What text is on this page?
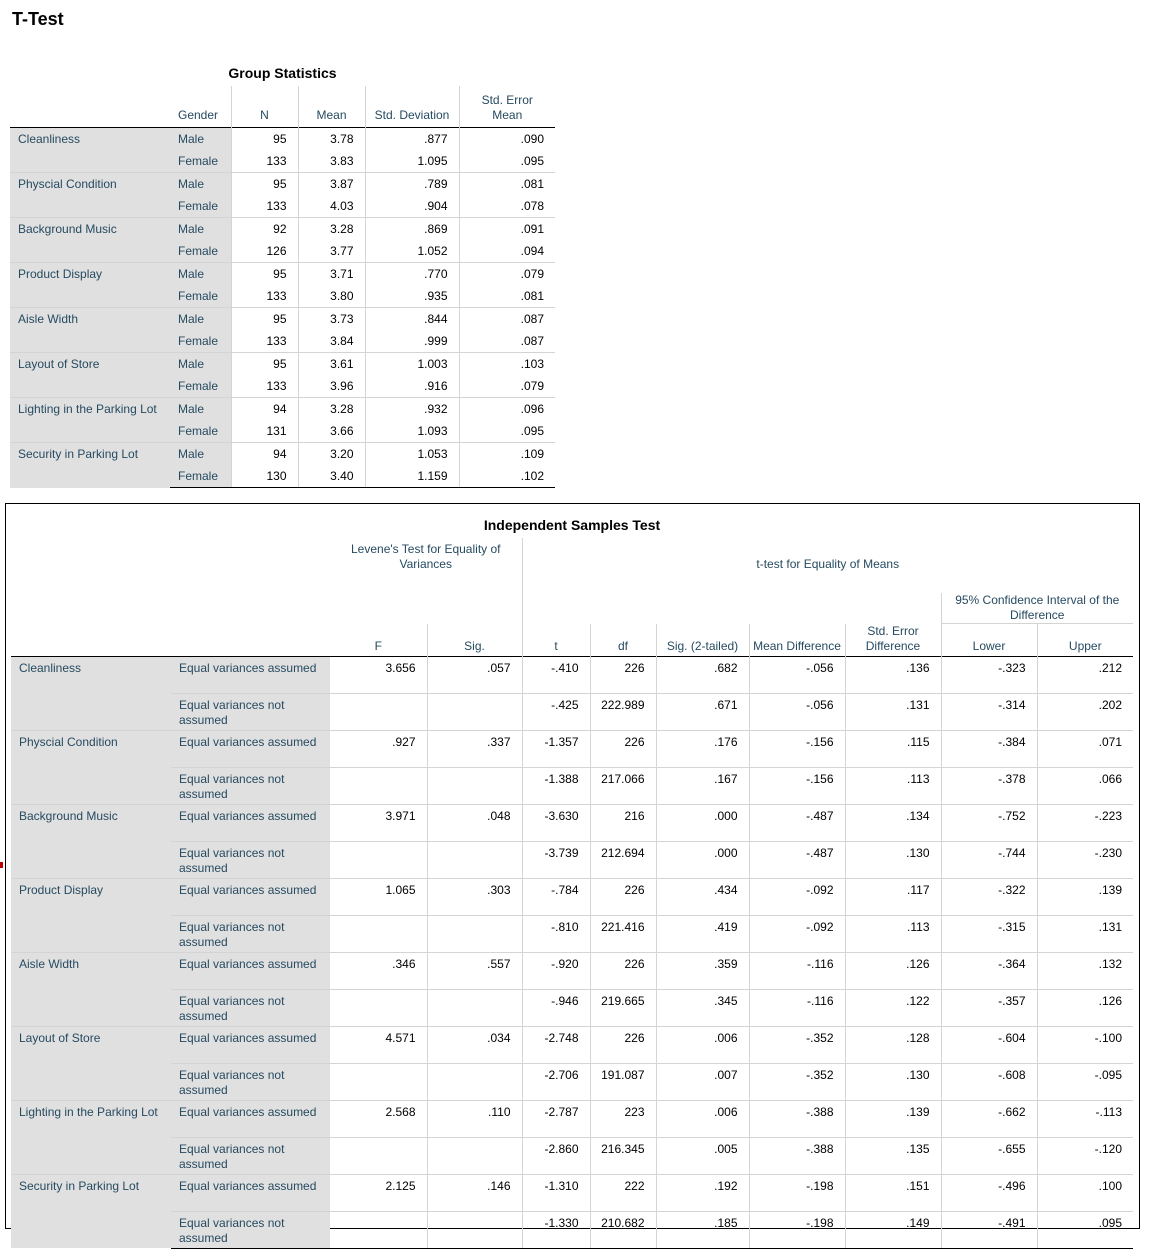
T-Test
Group Statistics					
	Gender	N	Mean	Std. Deviation	Std. Error
Mean
Cleanliness	Male	95	3.78	.877	.090
	Female	133	3.83	1.095	.095
Physcial Condition	Male	95	3.87	.789	.081
	Female	133	4.03	.904	.078
Background Music	Male	92	3.28	.869	.091
	Female	126	3.77	1.052	.094
Product Display	Male	95	3.71	.770	.079
	Female	133	3.80	.935	.081
Aisle Width	Male	95	3.73	.844	.087
	Female	133	3.84	.999	.087
Layout of Store	Male	95	3.61	1.003	.103
	Female	133	3.96	.916	.079
Lighting in the Parking Lot	Male	94	3.28	.932	.096
	Female	131	3.66	1.093	.095
Security in Parking Lot	Male	94	3.20	1.053	.109
	Female	130	3.40	1.159	.102
Independent Samples Test										
		Levene's Test for Equality of Variances		t-test for Equality of Means						

									95% Confidence Interval of the Difference	
		F	Sig.	t	df	Sig. (2-tailed)	Mean Difference	Std. Error Difference	Lower	Upper
Cleanliness	Equal variances assumed	3.656	.057	-.410	226	.682	-.056	.136	-.323	.212
	Equal variances not assumed			-.425	222.989	.671	-.056	.131	-.314	.202
Physcial Condition	Equal variances assumed	.927	.337	-1.357	226	.176	-.156	.115	-.384	.071
	Equal variances not assumed			-1.388	217.066	.167	-.156	.113	-.378	.066
Background Music	Equal variances assumed	3.971	.048	-3.630	216	.000	-.487	.134	-.752	-.223
	Equal variances not assumed			-3.739	212.694	.000	-.487	.130	-.744	-.230
Product Display	Equal variances assumed	1.065	.303	-.784	226	.434	-.092	.117	-.322	.139
	Equal variances not assumed			-.810	221.416	.419	-.092	.113	-.315	.131
Aisle Width	Equal variances assumed	.346	.557	-.920	226	.359	-.116	.126	-.364	.132
	Equal variances not assumed			-.946	219.665	.345	-.116	.122	-.357	.126
Layout of Store	Equal variances assumed	4.571	.034	-2.748	226	.006	-.352	.128	-.604	-.100
	Equal variances not assumed			-2.706	191.087	.007	-.352	.130	-.608	-.095
Lighting in the Parking Lot	Equal variances assumed	2.568	.110	-2.787	223	.006	-.388	.139	-.662	-.113
	Equal variances not assumed			-2.860	216.345	.005	-.388	.135	-.655	-.120
Security in Parking Lot	Equal variances assumed	2.125	.146	-1.310	222	.192	-.198	.151	-.496	.100
	Equal variances not assumed			-1.330	210.682	.185	-.198	.149	-.491	.095
